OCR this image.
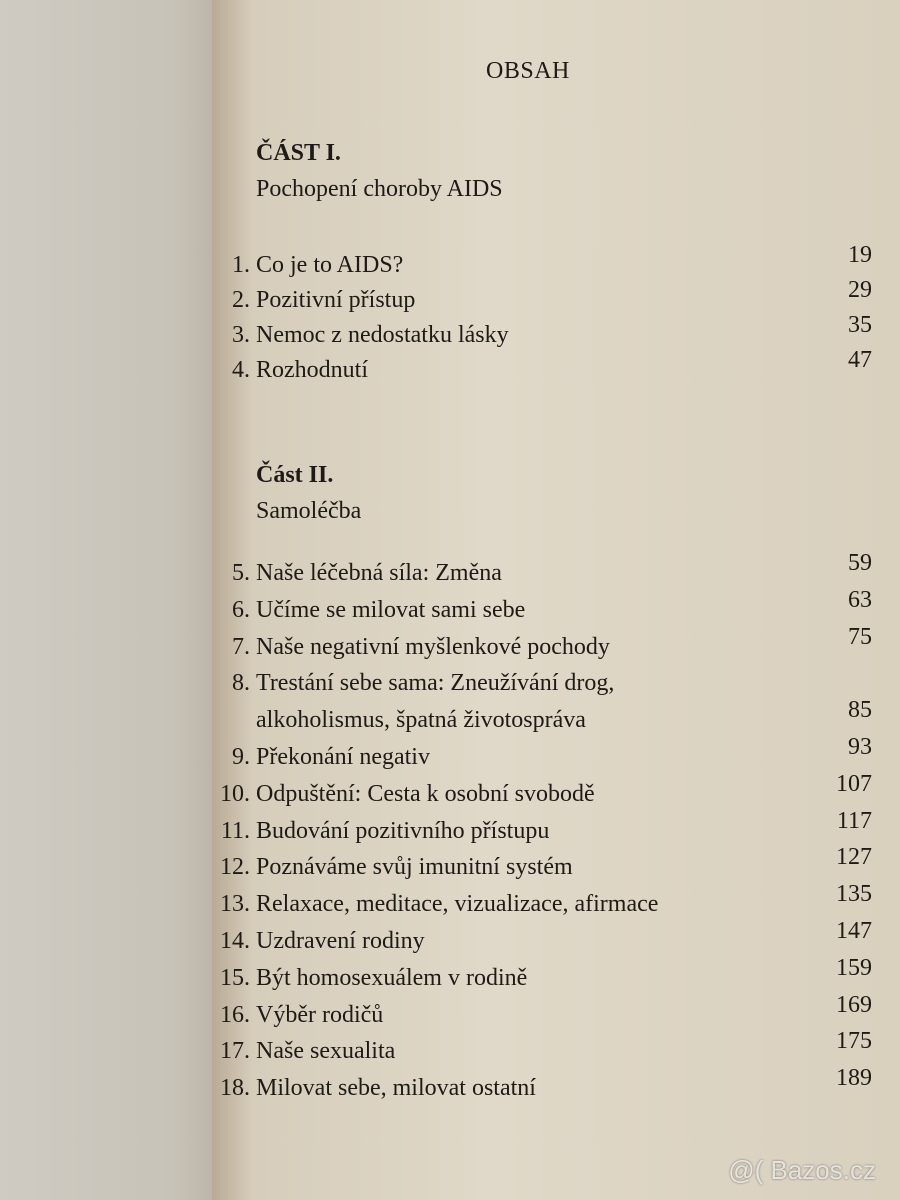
OBSAH
ČÁST I.
Pochopení choroby AIDS
Část II.
Samoléčba
1. Co je to AIDS?	19
2. Pozitivní přístup	29
3. Nemoc z nedostatku lásky	35
4. Rozhodnutí	47
5. Naše léčebná síla: Změna	59
6. Učíme se milovat sami sebe	63
7. Naše negativní myšlenkové pochody	75
8. Trestání sebe sama: Zneužívání drog,
alkoholismus, špatná životospráva	85
9. Překonání negativ	93
10. Odpuštění: Cesta k osobní svobodě	107
11. Budování pozitivního přístupu	117
12. Poznáváme svůj imunitní systém	127
13. Relaxace, meditace, vizualizace, afirmace	135
14. Uzdravení rodiny	147
15. Být homosexuálem v rodině	159
16. Výběr rodičů	169
17. Naše sexualita	175
18. Milovat sebe, milovat ostatní	189
@( Bazos.cz
